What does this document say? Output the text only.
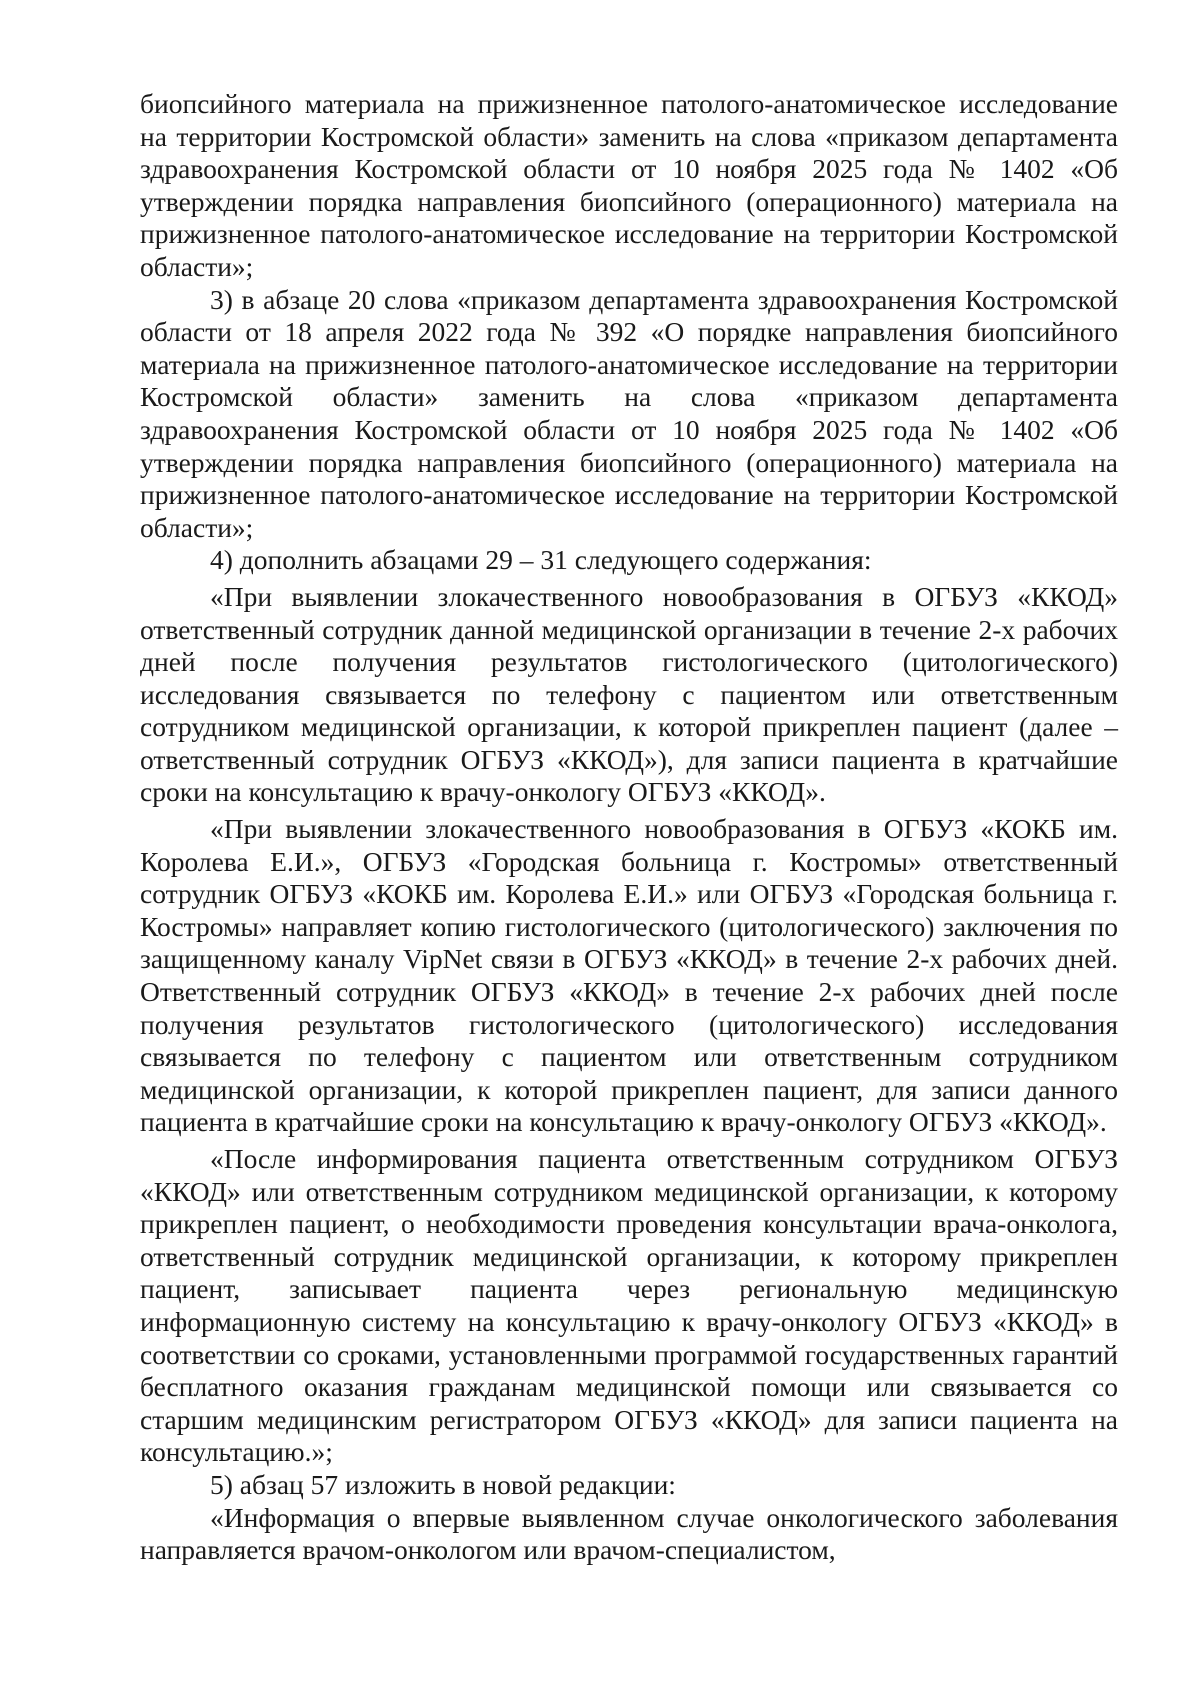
биопсийного материала на прижизненное патолого-анатомическое исследование на территории Костромской области» заменить на слова «приказом департамента здравоохранения Костромской области от 10 ноября 2025 года № 1402 «Об утверждении порядка направления биопсийного (операционного) материала на прижизненное патолого-анатомическое исследование на территории Костромской области»;

3) в абзаце 20 слова «приказом департамента здравоохранения Костромской области от 18 апреля 2022 года № 392 «О порядке направления биопсийного материала на прижизненное патолого-анатомическое исследование на территории Костромской области» заменить на слова «приказом департамента здравоохранения Костромской области от 10 ноября 2025 года № 1402 «Об утверждении порядка направления биопсийного (операционного) материала на прижизненное патолого-анатомическое исследование на территории Костромской области»;

4) дополнить абзацами 29 – 31 следующего содержания:

«При выявлении злокачественного новообразования в ОГБУЗ «ККОД» ответственный сотрудник данной медицинской организации в течение 2-х рабочих дней после получения результатов гистологического (цитологического) исследования связывается по телефону с пациентом или ответственным сотрудником медицинской организации, к которой прикреплен пациент (далее – ответственный сотрудник ОГБУЗ «ККОД»), для записи пациента в кратчайшие сроки на консультацию к врачу-онкологу ОГБУЗ «ККОД».

«При выявлении злокачественного новообразования в ОГБУЗ «КОКБ им. Королева Е.И.», ОГБУЗ «Городская больница г. Костромы» ответственный сотрудник ОГБУЗ «КОКБ им. Королева Е.И.» или ОГБУЗ «Городская больница г. Костромы» направляет копию гистологического (цитологического) заключения по защищенному каналу VipNet связи в ОГБУЗ «ККОД» в течение 2-х рабочих дней. Ответственный сотрудник ОГБУЗ «ККОД» в течение 2-х рабочих дней после получения результатов гистологического (цитологического) исследования связывается по телефону с пациентом или ответственным сотрудником медицинской организации, к которой прикреплен пациент, для записи данного пациента в кратчайшие сроки на консультацию к врачу-онкологу ОГБУЗ «ККОД».

«После информирования пациента ответственным сотрудником ОГБУЗ «ККОД» или ответственным сотрудником медицинской организации, к которому прикреплен пациент, о необходимости проведения консультации врача-онколога, ответственный сотрудник медицинской организации, к которому прикреплен пациент, записывает пациента через региональную медицинскую информационную систему на консультацию к врачу-онкологу ОГБУЗ «ККОД» в соответствии со сроками, установленными программой государственных гарантий бесплатного оказания гражданам медицинской помощи или связывается со старшим медицинским регистратором ОГБУЗ «ККОД» для записи пациента на консультацию.»;

5) абзац 57 изложить в новой редакции:

«Информация о впервые выявленном случае онкологического заболевания направляется врачом-онкологом или врачом-специалистом,
